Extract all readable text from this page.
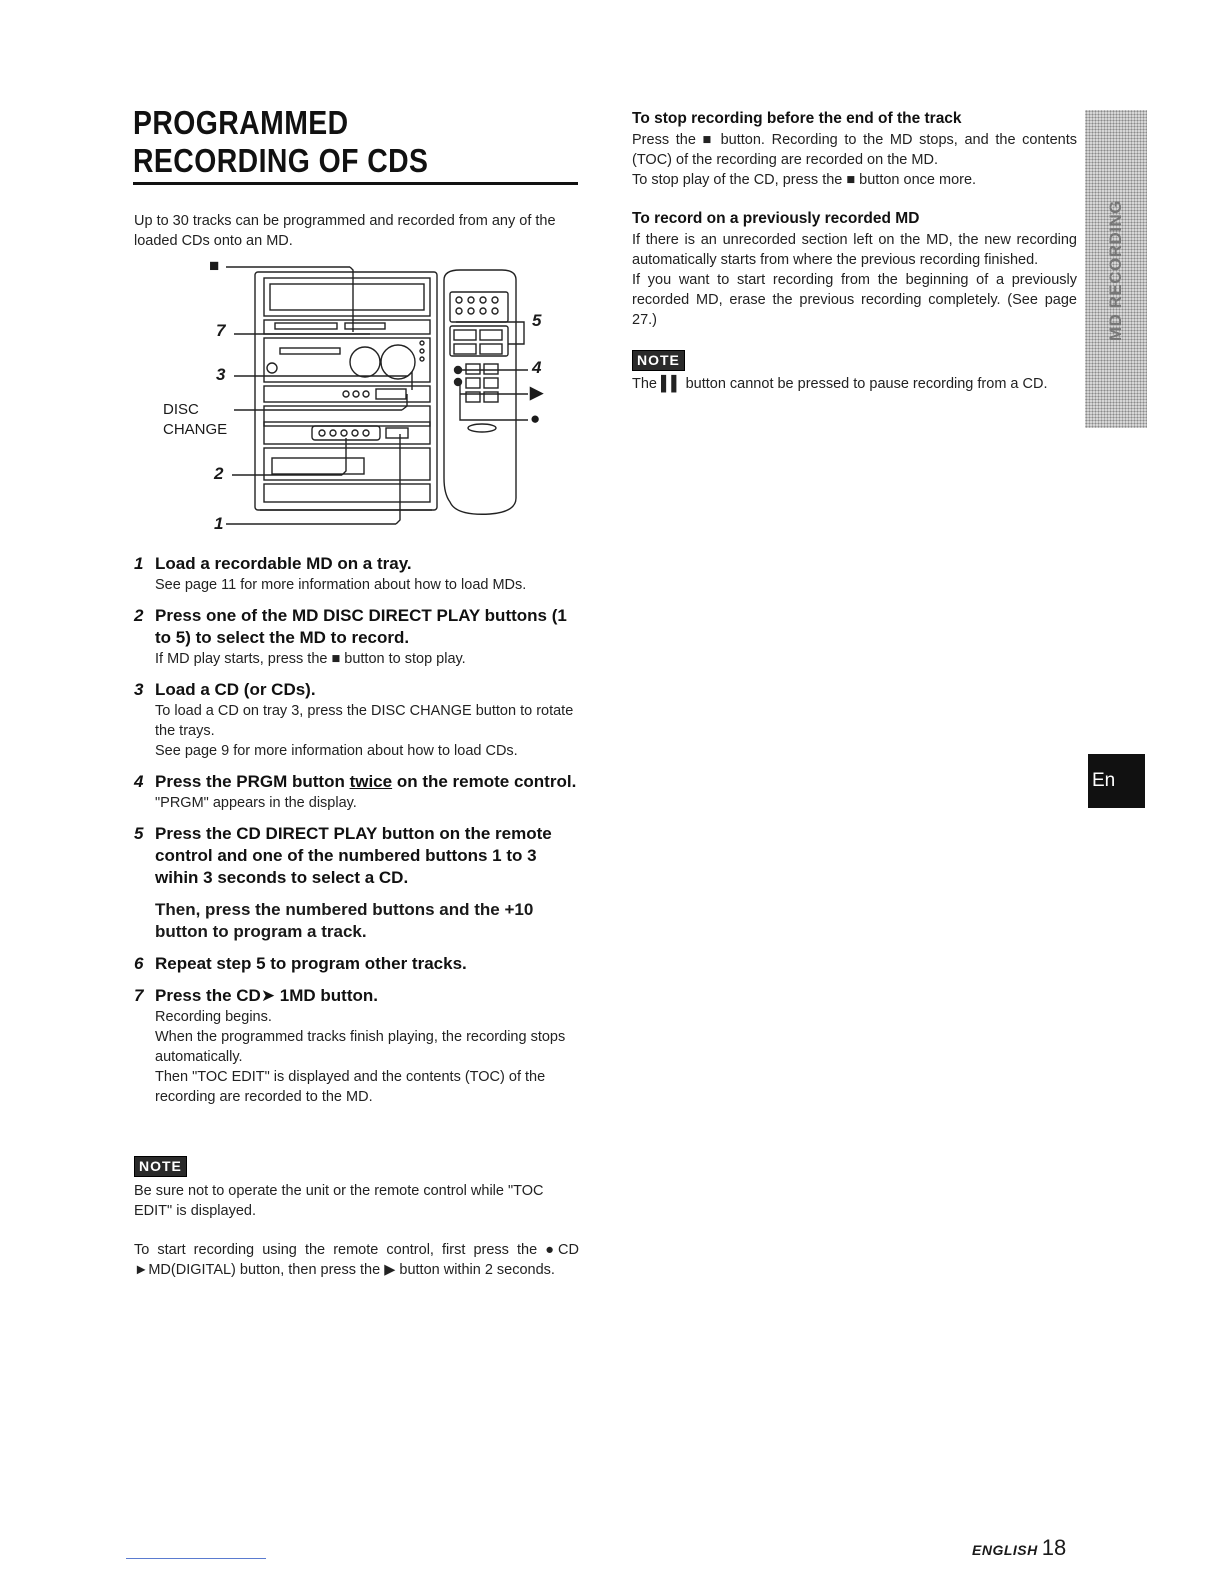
PROGRAMMED RECORDING OF CDS
Up to 30 tracks can be programmed and recorded from any of the loaded CDs onto an MD.
■
7
3
DISC
CHANGE
2
1
5
4
▶
●
1 Load a recordable MD on a tray.
See page 11 for more information about how to load MDs.
2 Press one of the MD DISC DIRECT PLAY buttons (1 to 5) to select the MD to record.
If MD play starts, press the ■ button to stop play.
3 Load a CD (or CDs).
To load a CD on tray 3, press the DISC CHANGE button to rotate the trays.
See page 9 for more information about how to load CDs.
4 Press the PRGM button twice on the remote control.
"PRGM" appears in the display.
5 Press the CD DIRECT PLAY button on the remote control and one of the numbered buttons 1 to 3 wihin 3 seconds to select a CD.
Then, press the numbered buttons and the +10 button to program a track.
6 Repeat step 5 to program other tracks.
7 Press the CD➤ 1MD button.
Recording begins.
When the programmed tracks finish playing, the recording stops automatically.
Then "TOC EDIT" is displayed and the contents (TOC) of the recording are recorded to the MD.
NOTE
Be sure not to operate the unit or the remote control while "TOC EDIT" is displayed.
To start recording using the remote control, first press the ●CD ►MD(DIGITAL) button, then press the ▶ button within 2 seconds.
To stop recording before the end of the track
Press the ■ button. Recording to the MD stops, and the contents (TOC) of the recording are recorded on the MD.
To stop play of the CD, press the ■ button once more.
To record on a previously recorded MD
If there is an unrecorded section left on the MD, the new recording automatically starts from where the previous recording finished.
If you want to start recording from the beginning of a previously recorded MD, erase the previous recording completely. (See page 27.)
NOTE
The ▌▌ button cannot be pressed to pause recording from a CD.
MD RECORDING
En
ENGLISH 18
